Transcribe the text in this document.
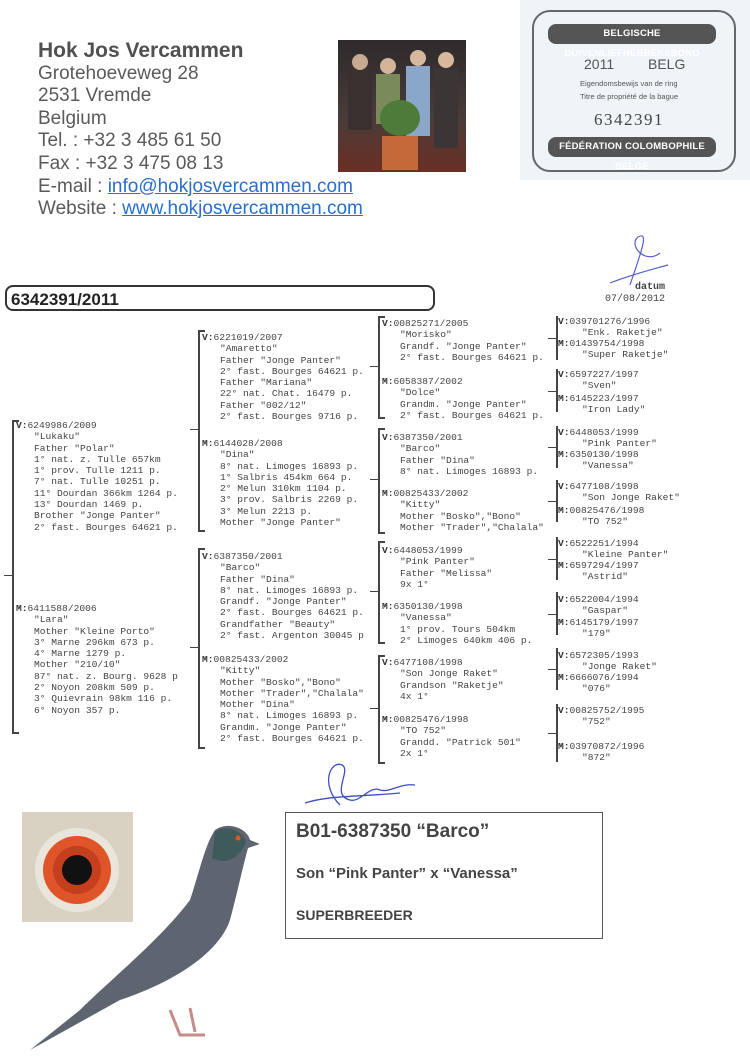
Hok Jos Vercammen
Grotehoeveweg 28
2531 Vremde
Belgium
Tel. : +32 3 485 61 50
Fax : +32 3 475 08 13
E-mail : info@hokjosvercammen.com
Website : www.hokjosvercammen.com
BELGISCHE DUIVENLIEFHEBBERSBOND
2011 BELG
Eigendomsbewijs van de ring
Titre de propriété de la bague
6342391
FÉDÉRATION COLOMBOPHILE BELGE
datum
07/08/2012
6342391/2011
V:6249986/2009
"Lukaku"
Father "Polar"
1° nat. z. Tulle 657km
1° prov. Tulle 1211 p.
7° nat. Tulle 10251 p.
11° Dourdan 366km 1264 p.
13° Dourdan 1469 p.
Brother "Jonge Panter"
2° fast. Bourges 64621 p.
M:6411588/2006
"Lara"
Mother "Kleine Porto"
3° Marne 296km 673 p.
4° Marne 1279 p.
Mother "210/10"
87° nat. z. Bourg. 9628 p
2° Noyon 208km 509 p.
3° Quievrain 98km 116 p.
6° Noyon 357 p.
V:6221019/2007
"Amaretto"
Father "Jonge Panter"
2° fast. Bourges 64621 p.
Father "Mariana"
22° nat. Chat. 16479 p.
Father "002/12"
2° fast. Bourges 9716 p.
M:6144028/2008
"Dina"
8° nat. Limoges 16893 p.
1° Salbris 454km 664 p.
2° Melun 310km 1104 p.
3° prov. Salbris 2269 p.
3° Melun 2213 p.
Mother "Jonge Panter"
V:6387350/2001
"Barco"
Father "Dina"
8° nat. Limoges 16893 p.
Grandf. "Jonge Panter"
2° fast. Bourges 64621 p.
Grandfather "Beauty"
2° fast. Argenton 30045 p
M:00825433/2002
"Kitty"
Mother "Bosko","Bono"
Mother "Trader","Chalala"
Mother "Dina"
8° nat. Limoges 16893 p.
Grandm. "Jonge Panter"
2° fast. Bourges 64621 p.
V:00825271/2005
"Morisko"
Grandf. "Jonge Panter"
2° fast. Bourges 64621 p.
M:6058387/2002
"Dolce"
Grandm. "Jonge Panter"
2° fast. Bourges 64621 p.
V:6387350/2001
"Barco"
Father "Dina"
8° nat. Limoges 16893 p.
M:00825433/2002
"Kitty"
Mother "Bosko","Bono"
Mother "Trader","Chalala"
V:6448053/1999
"Pink Panter"
Father "Melissa"
9x 1°
M:6350130/1998
"Vanessa"
1° prov. Tours 504km
2° Limoges 640km 406 p.
V:6477108/1998
"Son Jonge Raket"
Grandson "Raketje"
4x 1°
M:00825476/1998
"TO 752"
Grandd. "Patrick 501"
2x 1°
V:039701276/1996
"Enk. Raketje"
M:01439754/1998
"Super Raketje"
V:6597227/1997
"Sven"
M:6145223/1997
"Iron Lady"
V:6448053/1999
"Pink Panter"
M:6350130/1998
"Vanessa"
V:6477108/1998
"Son Jonge Raket"
M:00825476/1998
"TO 752"
V:6522251/1994
"Kleine Panter"
M:6597294/1997
"Astrid"
V:6522004/1994
"Gaspar"
M:6145179/1997
"179"
V:6572305/1993
"Jonge Raket"
M:6666076/1994
"076"
V:00825752/1995
"752"
M:03970872/1996
"872"
B01-6387350 “Barco”
Son “Pink Panter” x “Vanessa”
SUPERBREEDER
